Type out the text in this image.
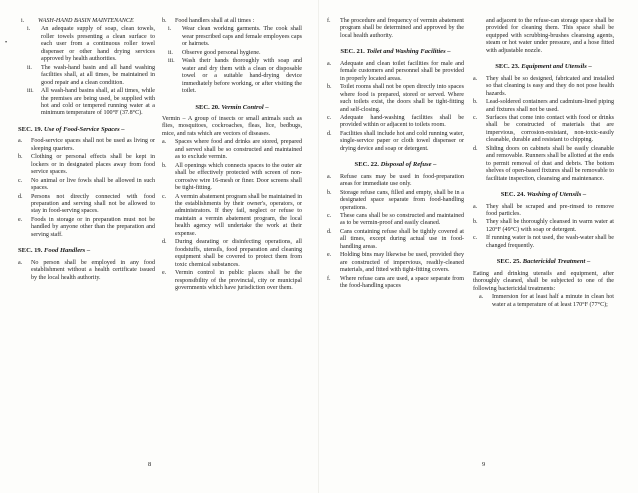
•
i.	WASH-HAND BASIN MAINTENANCE
i.	An adequate supply of soap, clean towels, roller towels presenting a clean surface to each user from a continuous roller towel dispenser or other hand drying services approved by health authorities.
ii.	The wash-hand basin and all hand washing facilities shall, at all times, be maintained in good repair and a clean condition.
iii.	All wash-hand basins shall, at all times, while the premises are being used, be supplied with hot and cold or tempered running water at a minimum temperature of 100°F (37.8°C).
SEC. 19. Use of Food-Service Spaces –
a.	Food-service spaces shall not be used as living or sleeping quarters.
b.	Clothing or personal effects shall be kept in lockers or in designated places away from food service spaces.
c.	No animal or live fowls shall be allowed in such spaces.
d.	Persons not directly connected with food preparation and serving shall not be allowed to stay in food-serving spaces.
e.	Foods in storage or in preparation must not be handled by anyone other than the preparation and serving staff.
SEC. 19. Food Handlers –
a.	No person shall be employed in any food establishment without a health certificate issued by the local health authority.
b.	Food handlers shall at all times :
i.	Wear clean working garments. The cook shall wear prescribed caps and female employees caps or hairnets.
ii.	Observe good personal hygiene.
iii.	Wash their hands thoroughly with soap and water and dry them with a clean or disposable towel or a suitable hand-drying device immediately before working, or after visiting the toilet.
SEC. 20. Vermin Control –
Vermin – A group of insects or small animals such as flies, mosquitoes, cockroaches, fleas, lice, bedbugs, mice, and rats which are vectors of diseases.
a.	Spaces where food and drinks are stored, prepared and served shall be so constructed and maintained as to exclude vermin.
b.	All openings which connects spaces to the outer air shall be effectively protected with screen of non-corrosive wire 16-mesh or finer. Door screens shall be tight-fitting.
c.	A vermin abatement program shall be maintained in the establishments by their owner's, operators, or administrators. If they fail, neglect or refuse to maintain a vermin abatement program, the local health agency will undertake the work at their expense.
d.	During dearating or disinfecting operations, all foodstuffs, utensils, food preparation and cleaning equipment shall be covered to protect them from toxic chemical substances.
e.	Vermin control in public places shall be the responsibility of the provincial, city or municipal governments which have jurisdiction over them.
8
f.	The procedure and frequency of vermin abatement program shall be determined and approved by the local health authority.
SEC. 21. Toilet and Washing Facilities –
a.	Adequate and clean toilet facilities for male and female customers and personnel shall be provided in properly located areas.
b.	Toilet rooms shall not be open directly into spaces where food is prepared, stored or served. Where such toilets exist, the doors shall be tight-fitting and self-closing.
c.	Adequate hand-washing facilities shall be provided within or adjacent to toilets room.
d.	Facilities shall include hot and cold running water, single-service paper or cloth towel dispenser or drying device and soap or detergent.
SEC. 22. Disposal of Refuse –
a.	Refuse cans may be used in food-preparation areas for immediate use only.
b.	Storage refuse cans, filled and empty, shall be in a designated space separate from food-handling operations.
c.	These cans shall be so constructed and maintained as to be vermin-proof and easily cleaned.
d.	Cans containing refuse shall be tightly covered at all times, except during actual use in food-handling areas.
e.	Holding bins may likewise be used, provided they are constructed of impervious, readily-cleaned materials, and fitted with tight-fitting covers.
f.	Where refuse cans are used, a space separate from the food-handling spaces
and adjacent to the refuse-can storage space shall be provided for cleaning them. This space shall be equipped with scrubbing-brushes cleansing agents, steam or hot water under pressure, and a hose fitted with adjustable nozzle.
SEC. 23. Equipment and Utensils –
a.	They shall be so designed, fabricated and installed so that cleaning is easy and they do not pose health hazards.
b.	Lead-soldered containers and cadmium-lined piping and fixtures shall not be used.
c.	Surfaces that come into contact with food or drinks shall be constructed of materials that are impervious, corrosion-resistant, non-toxic-easily cleanable, durable and resistant to chipping.
d.	Sliding doors on cabinets shall be easily cleanable and removable. Runners shall be allotted at the ends to permit removal of dust and debris. The bottom shelves of open-based fixtures shall be removable to facilitate inspection, cleansing and maintenance.
SEC. 24. Washing of Utensils –
a.	They shall be scraped and pre-rinsed to remove food particles.
b.	They shall be thoroughly cleansed in warm water at 120°F (49°C) with soap or detergent.
c.	If running water is not used, the wash-water shall be changed frequently.
SEC. 25. Bactericidal Treatment –
Eating and drinking utensils and equipment, after thoroughly cleaned, shall be subjected to one of the following bactericidal treatments:
a.	Immersion for at least half a minute in clean hot water at a temperature of at least 170°F (77°C);
9
